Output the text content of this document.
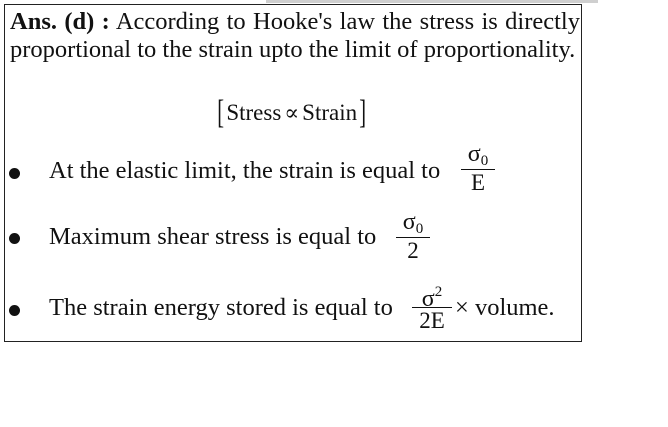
Ans. (d) : According to Hooke's law the stress is directly proportional to the strain upto the limit of proportionality.
[ Stress ∝ Strain ]
At the elastic limit, the strain is equal to
$\sigma_0$
E
Maximum shear stress is equal to
$\sigma_0$
2
The strain energy stored is equal to	$\sigma^2$
2E × volume.
